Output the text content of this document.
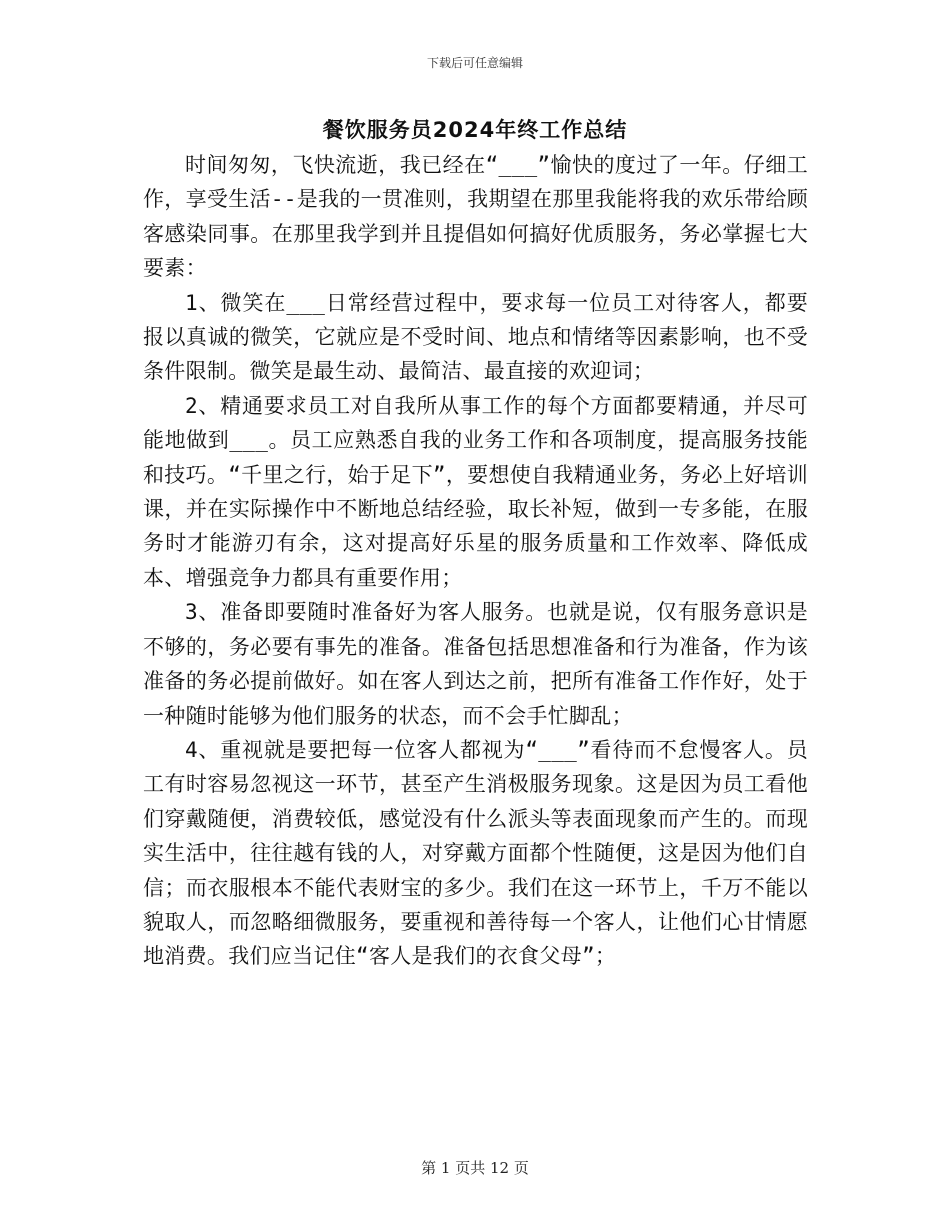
下载后可任意编辑
餐饮服务员2024年终工作总结

时间匆匆，飞快流逝，我已经在“___”愉快的度过了一年。仔细工作，享受生活--是我的一贯准则，我期望在那里我能将我的欢乐带给顾客感染同事。在那里我学到并且提倡如何搞好优质服务，务必掌握七大要素：

1、微笑在___日常经营过程中，要求每一位员工对待客人，都要报以真诚的微笑，它就应是不受时间、地点和情绪等因素影响，也不受条件限制。微笑是最生动、最简洁、最直接的欢迎词；

2、精通要求员工对自我所从事工作的每个方面都要精通，并尽可能地做到___。员工应熟悉自我的业务工作和各项制度，提高服务技能和技巧。“千里之行，始于足下”，要想使自我精通业务，务必上好培训课，并在实际操作中不断地总结经验，取长补短，做到一专多能，在服务时才能游刃有余，这对提高好乐星的服务质量和工作效率、降低成本、增强竞争力都具有重要作用；

3、准备即要随时准备好为客人服务。也就是说，仅有服务意识是不够的，务必要有事先的准备。准备包括思想准备和行为准备，作为该准备的务必提前做好。如在客人到达之前，把所有准备工作作好，处于一种随时能够为他们服务的状态，而不会手忙脚乱；

4、重视就是要把每一位客人都视为“___”看待而不怠慢客人。员工有时容易忽视这一环节，甚至产生消极服务现象。这是因为员工看他们穿戴随便，消费较低，感觉没有什么派头等表面现象而产生的。而现实生活中，往往越有钱的人，对穿戴方面都个性随便，这是因为他们自信；而衣服根本不能代表财宝的多少。我们在这一环节上，千万不能以貌取人，而忽略细微服务，要重视和善待每一个客人，让他们心甘情愿地消费。我们应当记住“客人是我们的衣食父母”；

第 1 页共 12 页
